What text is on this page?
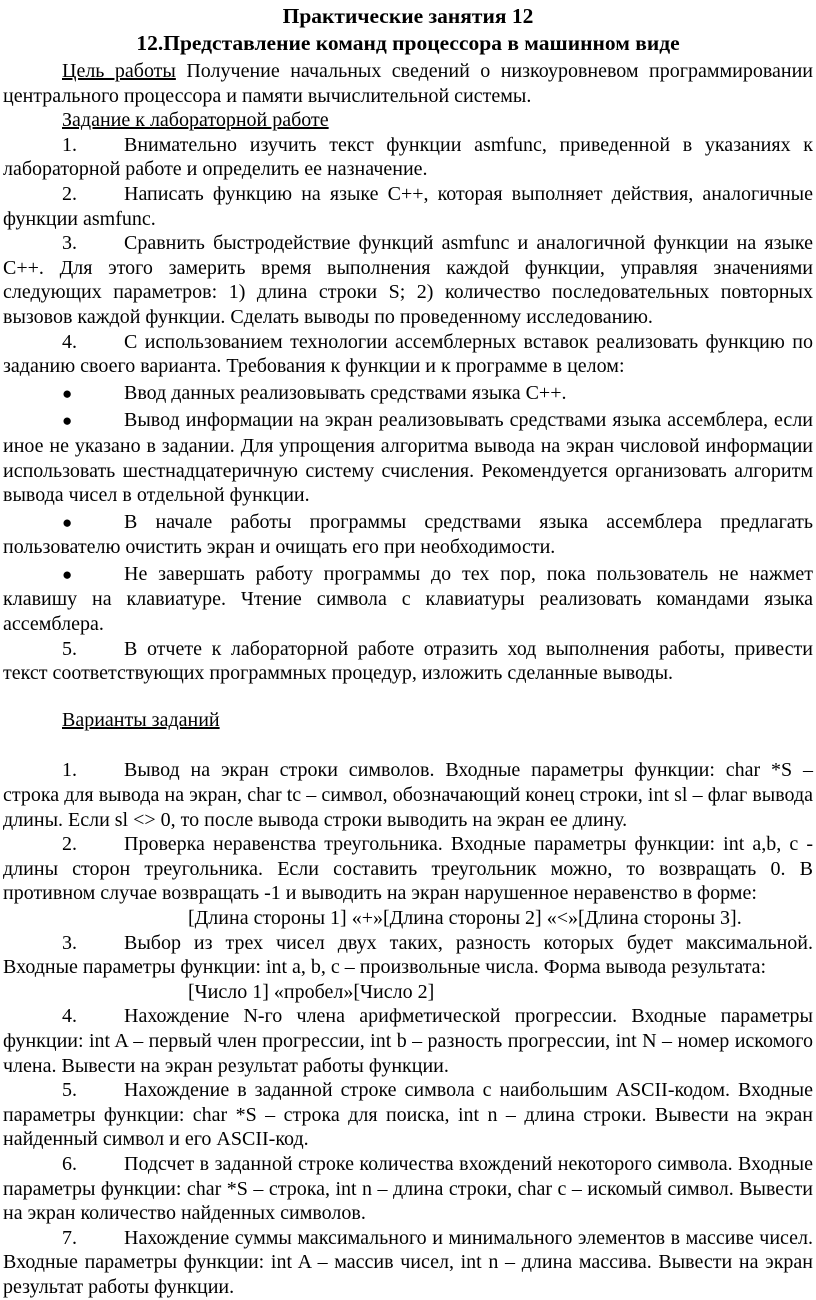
Практические занятия 12
12.Представление команд процессора в машинном виде

Цель работы Получение начальных сведений о низкоуровневом программировании центрального процессора и памяти вычислительной системы.

Задание к лабораторной работе

1. Внимательно изучить текст функции asmfunc, приведенной в указаниях к лабораторной работе и определить ее назначение.

2. Написать функцию на языке С++, которая выполняет действия, аналогичные функции asmfunc.

3. Сравнить быстродействие функций asmfunc и аналогичной функции на языке С++. Для этого замерить время выполнения каждой функции, управляя значениями следующих параметров: 1) длина строки S; 2) количество последовательных повторных вызовов каждой функции. Сделать выводы по проведенному исследованию.

4. С использованием технологии ассемблерных вставок реализовать функцию по заданию своего варианта. Требования к функции и к программе в целом:

●	Ввод данных реализовывать средствами языка С++.

●	Вывод информации на экран реализовывать средствами языка ассемблера, если иное не указано в задании. Для упрощения алгоритма вывода на экран числовой информации использовать шестнадцатеричную систему счисления. Рекомендуется организовать алгоритм вывода чисел в отдельной функции.

●	В начале работы программы средствами языка ассемблера предлагать пользователю очистить экран и очищать его при необходимости.

●	Не завершать работу программы до тех пор, пока пользователь не нажмет клавишу на клавиатуре. Чтение символа с клавиатуры реализовать командами языка ассемблера.

5. В отчете к лабораторной работе отразить ход выполнения работы, привести текст соответствующих программных процедур, изложить сделанные выводы.

Варианты заданий

1. Вывод на экран строки символов. Входные параметры функции: char *S – строка для вывода на экран, char tc – символ, обозначающий конец строки, int sl – флаг вывода длины. Если sl <> 0, то после вывода строки выводить на экран ее длину.

2. Проверка неравенства треугольника. Входные параметры функции: int a,b, c - длины сторон треугольника. Если составить треугольник можно, то возвращать 0. В противном случае возвращать -1 и выводить на экран нарушенное неравенство в форме:

[Длина стороны 1] «+»[Длина стороны 2] «<»[Длина стороны 3].

3. Выбор из трех чисел двух таких, разность которых будет максимальной. Входные параметры функции: int a, b, c – произвольные числа. Форма вывода результата:

[Число 1] «пробел»[Число 2]

4. Нахождение N-го члена арифметической прогрессии. Входные параметры функции: int A – первый член прогрессии, int b – разность прогрессии, int N – номер искомого члена. Вывести на экран результат работы функции.

5. Нахождение в заданной строке символа с наибольшим ASCII-кодом. Входные параметры функции: char *S – строка для поиска, int n – длина строки. Вывести на экран найденный символ и его ASCII-код.

6. Подсчет в заданной строке количества вхождений некоторого символа. Входные параметры функции: char *S – строка, int n – длина строки, char c – искомый символ. Вывести на экран количество найденных символов.

7. Нахождение суммы максимального и минимального элементов в массиве чисел. Входные параметры функции: int A – массив чисел, int n – длина массива. Вывести на экран результат работы функции.
